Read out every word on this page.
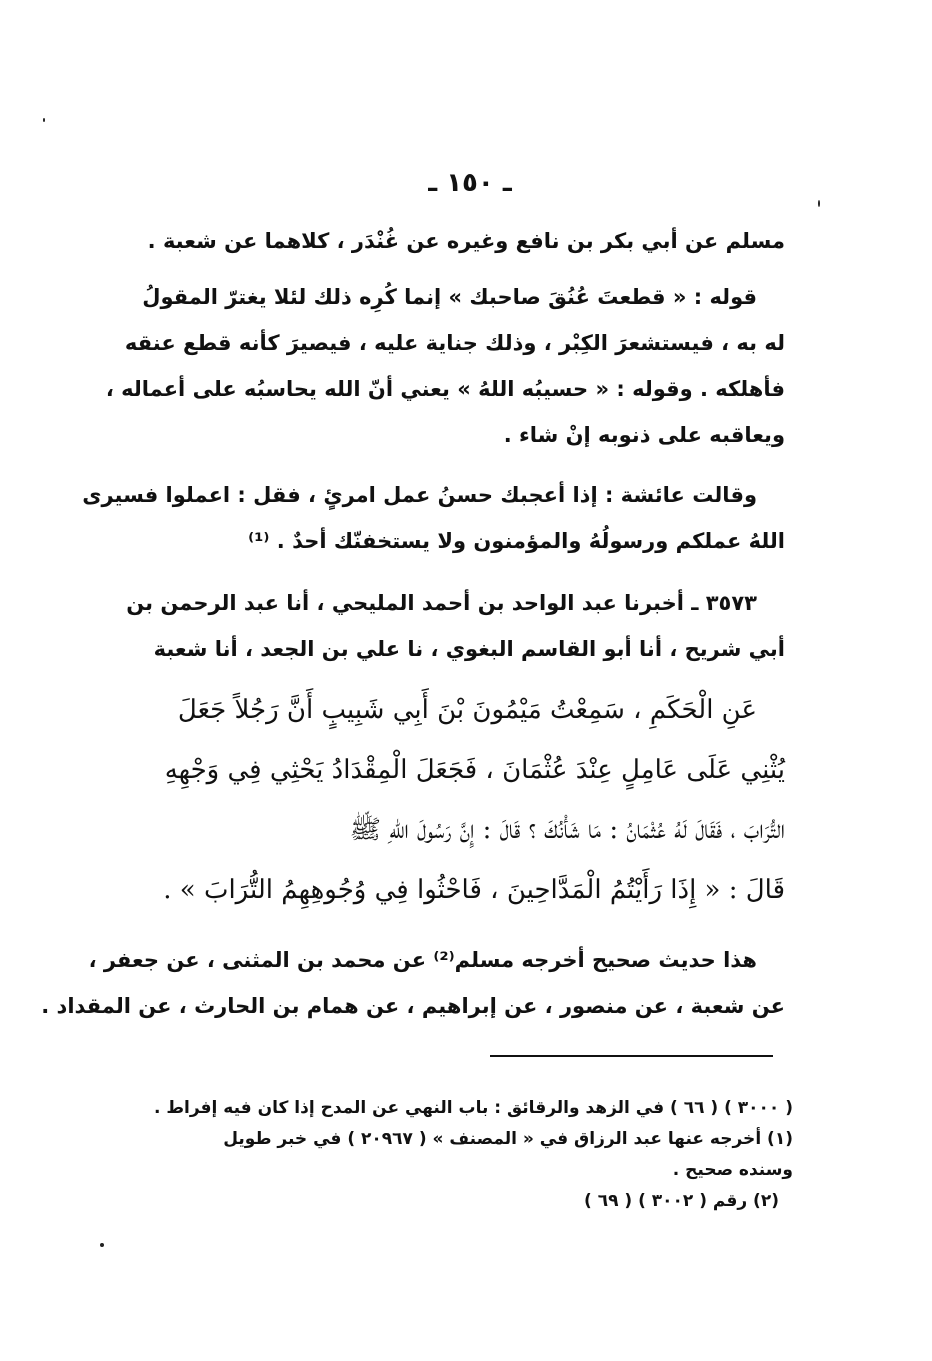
ـ ١٥٠ ـ
مسلم عن أبي بكر بن نافع وغيره عن غُنْدَر ، كلاهما عن شعبة .
قوله : « قطعتَ عُنُقَ صاحبك » إنما كُرِه ذلك لئلا يغترّ المقولُ
له به ، فيستشعرَ الكِبْر ، وذلك جناية عليه ، فيصيرَ كأنه قطع عنقه
فأهلكه . وقوله : « حسيبُه اللهُ » يعني أنّ الله يحاسبُه على أعماله ،
ويعاقبه على ذنوبه إنْ شاء .
وقالت عائشة : إذا أعجبك حسنُ عمل امرئٍ ، فقل : اعملوا فسيرى
اللهُ عملكم ورسولُهُ والمؤمنون ولا يستخفنّك أحدٌ . ⁽¹⁾
٣٥٧٣ ـ أخبرنا عبد الواحد بن أحمد المليحي ، أنا عبد الرحمن بن
أبي شريح ، أنا أبو القاسم البغوي ، نا علي بن الجعد ، أنا شعبة
عَنِ الْحَكَمِ ، سَمِعْتُ مَيْمُونَ بْنَ أَبِي شَبِيبٍ أَنَّ رَجُلاً جَعَلَ
يُثْنِي عَلَى عَامِلٍ عِنْدَ عُثْمَانَ ، فَجَعَلَ الْمِقْدَادُ يَحْثِي فِي وَجْهِهِ
التُّرَابَ ، فَقَالَ لَهُ عُثْمَانُ : مَا شَأْنُكَ ؟ قَالَ : إِنَّ رَسُولَ اللهِ ﷺ
قَالَ : « إِذَا رَأَيْتُمُ الْمَدَّاحِينَ ، فَاحْثُوا فِي وُجُوهِهِمُ التُّرَابَ » .
هذا حديث صحيح أخرجه مسلم⁽²⁾ عن محمد بن المثنى ، عن جعفر ،
عن شعبة ، عن منصور ، عن إبراهيم ، عن همام بن الحارث ، عن المقداد .
( ٣٠٠٠ ) ( ٦٦ ) في الزهد والرقائق : باب النهي عن المدح إذا كان فيه إفراط .
(١) أخرجه عنها عبد الرزاق في « المصنف » ( ٢٠٩٦٧ ) في خبر طويل
وسنده صحيح .
(٢) رقم ( ٣٠٠٢ ) ( ٦٩ )
